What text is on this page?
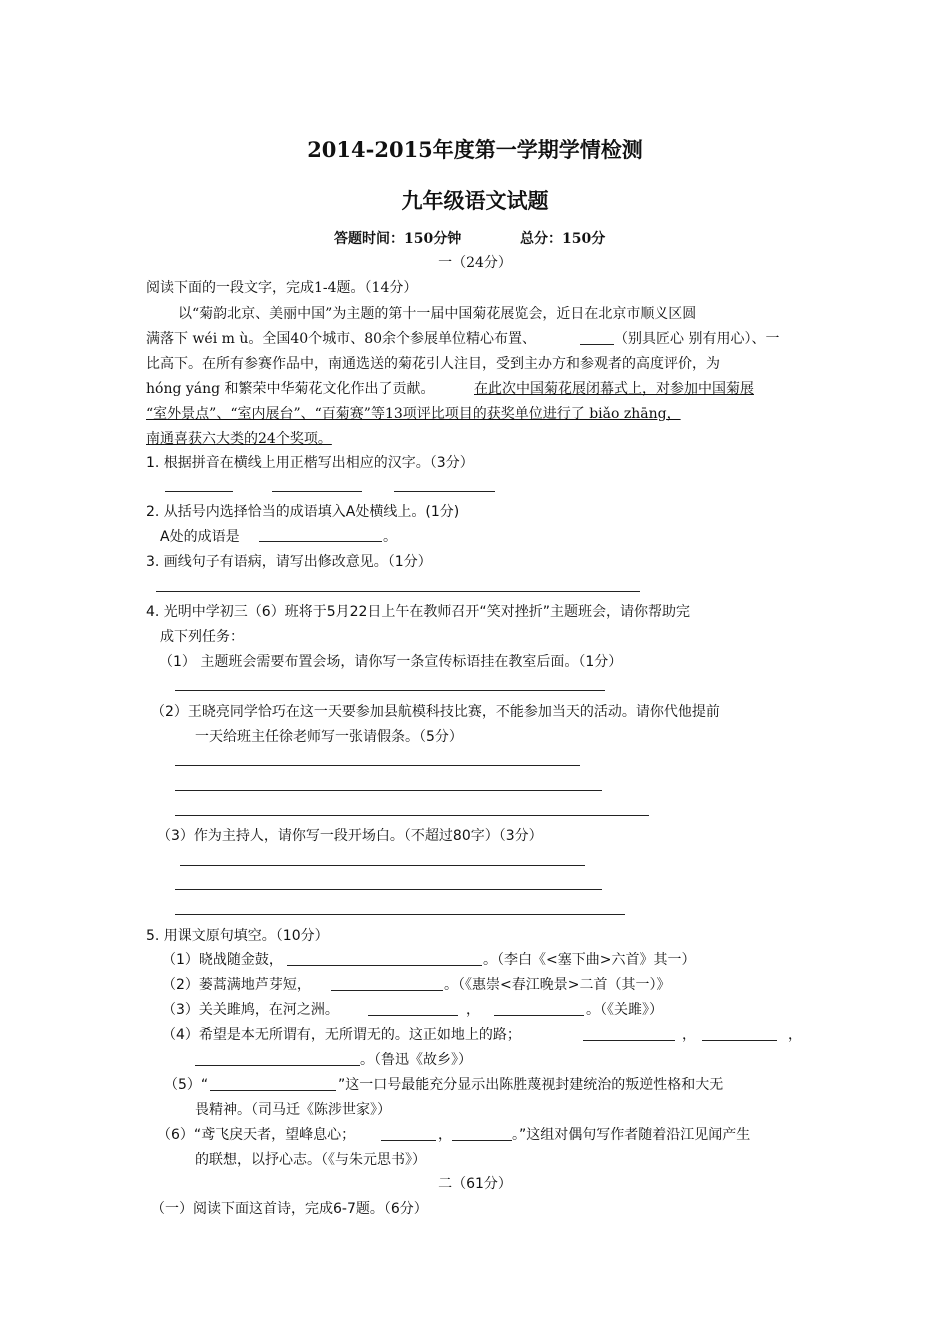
2014-2015年度第一学期学情检测
九年级语文试题
答题时间：150分钟	总分：150分
一（24分）
阅读下面的一段文字，完成1-4题。（14分）
以“菊韵北京、美丽中国”为主题的第十一届中国菊花展览会，近日在北京市顺义区圆
满落下 wéi m ù。全国40个城市、80余个参展单位精心布置、	（别具匠心 别有用心）、一
比高下。在所有参赛作品中，南通选送的菊花引人注目，受到主办方和参观者的高度评价，为
hóng yáng 和繁荣中华菊花文化作出了贡献。	在此次中国菊花展闭幕式上，对参加中国菊展
“室外景点”、“室内展台”、“百菊赛”等13项评比项目的获奖单位进行了 biǎo zhāng，
南通喜获六大类的24个奖项。
1. 根据拼音在横线上用正楷写出相应的汉字。（3分）
2. 从括号内选择恰当的成语填入A处横线上。(1分)
A处的成语是	。
3. 画线句子有语病，请写出修改意见。（1分）
4. 光明中学初三（6）班将于5月22日上午在教师召开“笑对挫折”主题班会，请你帮助完
成下列任务：
（1） 主题班会需要布置会场，请你写一条宣传标语挂在教室后面。（1分）
（2）王晓亮同学恰巧在这一天要参加县航模科技比赛，不能参加当天的活动。请你代他提前
一天给班主任徐老师写一张请假条。（5分）
（3）作为主持人，请你写一段开场白。（不超过80字）（3分）
5. 用课文原句填空。（10分）
（1）晓战随金鼓，	。（李白《<塞下曲>六首》其一）
（2）蒌蒿满地芦芽短，	。（《惠崇<春江晚景>二首（其一）》
（3）关关雎鸠，在河之洲。	，	。（《关雎》）
（4）希望是本无所谓有，无所谓无的。这正如地上的路；	，	，
。（鲁迅《故乡》）
（5）“	”这一口号最能充分显示出陈胜蔑视封建统治的叛逆性格和大无
畏精神。（司马迁《陈涉世家》）
（6）“鸢飞戾天者，望峰息心；	，	。”这组对偶句写作者随着沿江见闻产生
的联想，以抒心志。（《与朱元思书》）
二（61分）
（一）阅读下面这首诗，完成6-7题。（6分）
